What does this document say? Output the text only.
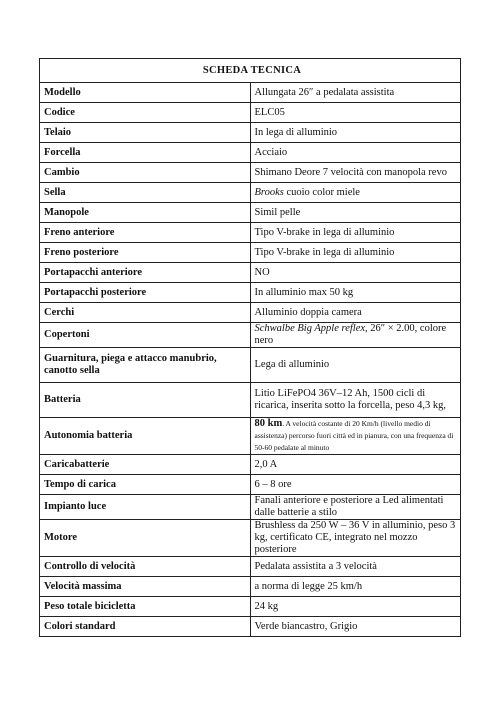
SCHEDA TECNICA	
Modello	Allungata 26″ a pedalata assistita
Codice	ELC05
Telaio	In lega di alluminio
Forcella	Acciaio
Cambio	Shimano Deore 7 velocità con manopola revo
Sella	Brooks cuoio color miele
Manopole	Simil pelle
Freno anteriore	Tipo V-brake in lega di alluminio
Freno posteriore	Tipo V-brake in lega di alluminio
Portapacchi anteriore	NO
Portapacchi posteriore	In alluminio max 50 kg
Cerchi	Alluminio doppia camera
Copertoni	Schwalbe Big Apple reflex, 26″ × 2.00, colore nero
Guarnitura, piega e attacco manubrio, canotto sella	Lega di alluminio
Batteria	Litio LiFePO4 36V–12 Ah, 1500 cicli di ricarica, inserita sotto la forcella, peso 4,3 kg,
Autonomia batteria	80 km. A velocità costante di 20 Km/h (livello medio di assistenza) percorso fuori città ed in pianura, con una frequenza di 50-60 pedalate al minuto
Caricabatterie	2,0 A
Tempo di carica	6 – 8 ore
Impianto luce	Fanali anteriore e posteriore a Led alimentati dalle batterie a stilo
Motore	Brushless da 250 W – 36 V in alluminio, peso 3 kg, certificato CE, integrato nel mozzo posteriore
Controllo di velocità	Pedalata assistita a 3 velocità
Velocità massima	a norma di legge 25 km/h
Peso totale bicicletta	24 kg
Colori standard	Verde biancastro, Grigio
